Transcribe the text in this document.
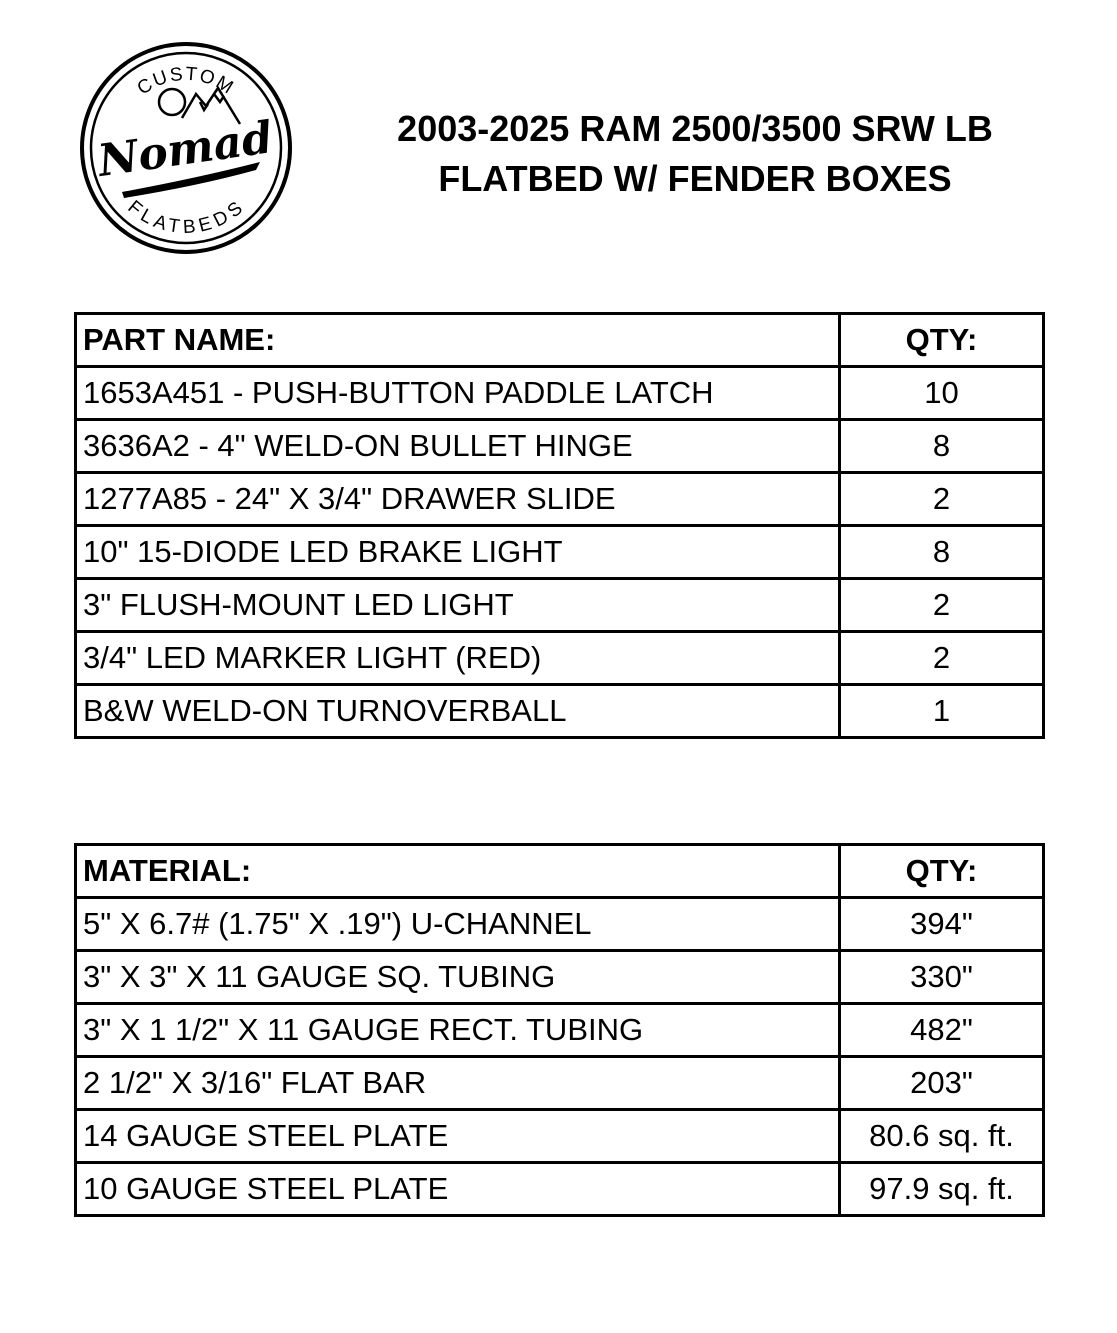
CUSTOM
FLATBEDS
Nomad	2003-2025 RAM 2500/3500 SRW LB
FLATBED W/ FENDER BOXES
PART NAME:	QTY:
1653A451 - PUSH-BUTTON PADDLE LATCH	10
3636A2 - 4" WELD-ON BULLET HINGE	8
1277A85 - 24" X 3/4" DRAWER SLIDE	2
10" 15-DIODE LED BRAKE LIGHT	8
3" FLUSH-MOUNT LED LIGHT	2
3/4" LED MARKER LIGHT (RED)	2
B&W WELD-ON TURNOVERBALL	1
MATERIAL:	QTY:
5" X 6.7# (1.75" X .19") U-CHANNEL	394"
3" X 3" X 11 GAUGE SQ. TUBING	330"
3" X 1 1/2" X 11 GAUGE RECT. TUBING	482"
2 1/2" X 3/16" FLAT BAR	203"
14 GAUGE STEEL PLATE	80.6 sq. ft.
10 GAUGE STEEL PLATE	97.9 sq. ft.
